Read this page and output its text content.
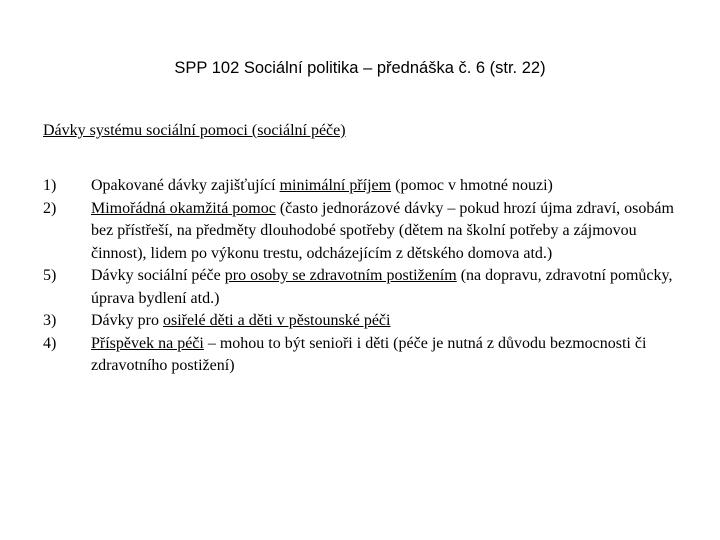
SPP 102 Sociální politika – přednáška č. 6 (str. 22)
Dávky systému sociální pomoci (sociální péče)
1) Opakované dávky zajišťující minimální příjem (pomoc v hmotné nouzi)
2) Mimořádná okamžitá pomoc (často jednorázové dávky – pokud hrozí újma zdraví, osobám bez přístřeší, na předměty dlouhodobé spotřeby (dětem na školní potřeby a zájmovou činnost), lidem po výkonu trestu, odcházejícím z dětského domova atd.)
5) Dávky sociální péče pro osoby se zdravotním postižením (na dopravu, zdravotní pomůcky, úprava bydlení atd.)
3) Dávky pro osiřelé děti a děti v pěstounské péči
4) Příspěvek na péči – mohou to být senioři i děti (péče je nutná z důvodu bezmocnosti či zdravotního postižení)
